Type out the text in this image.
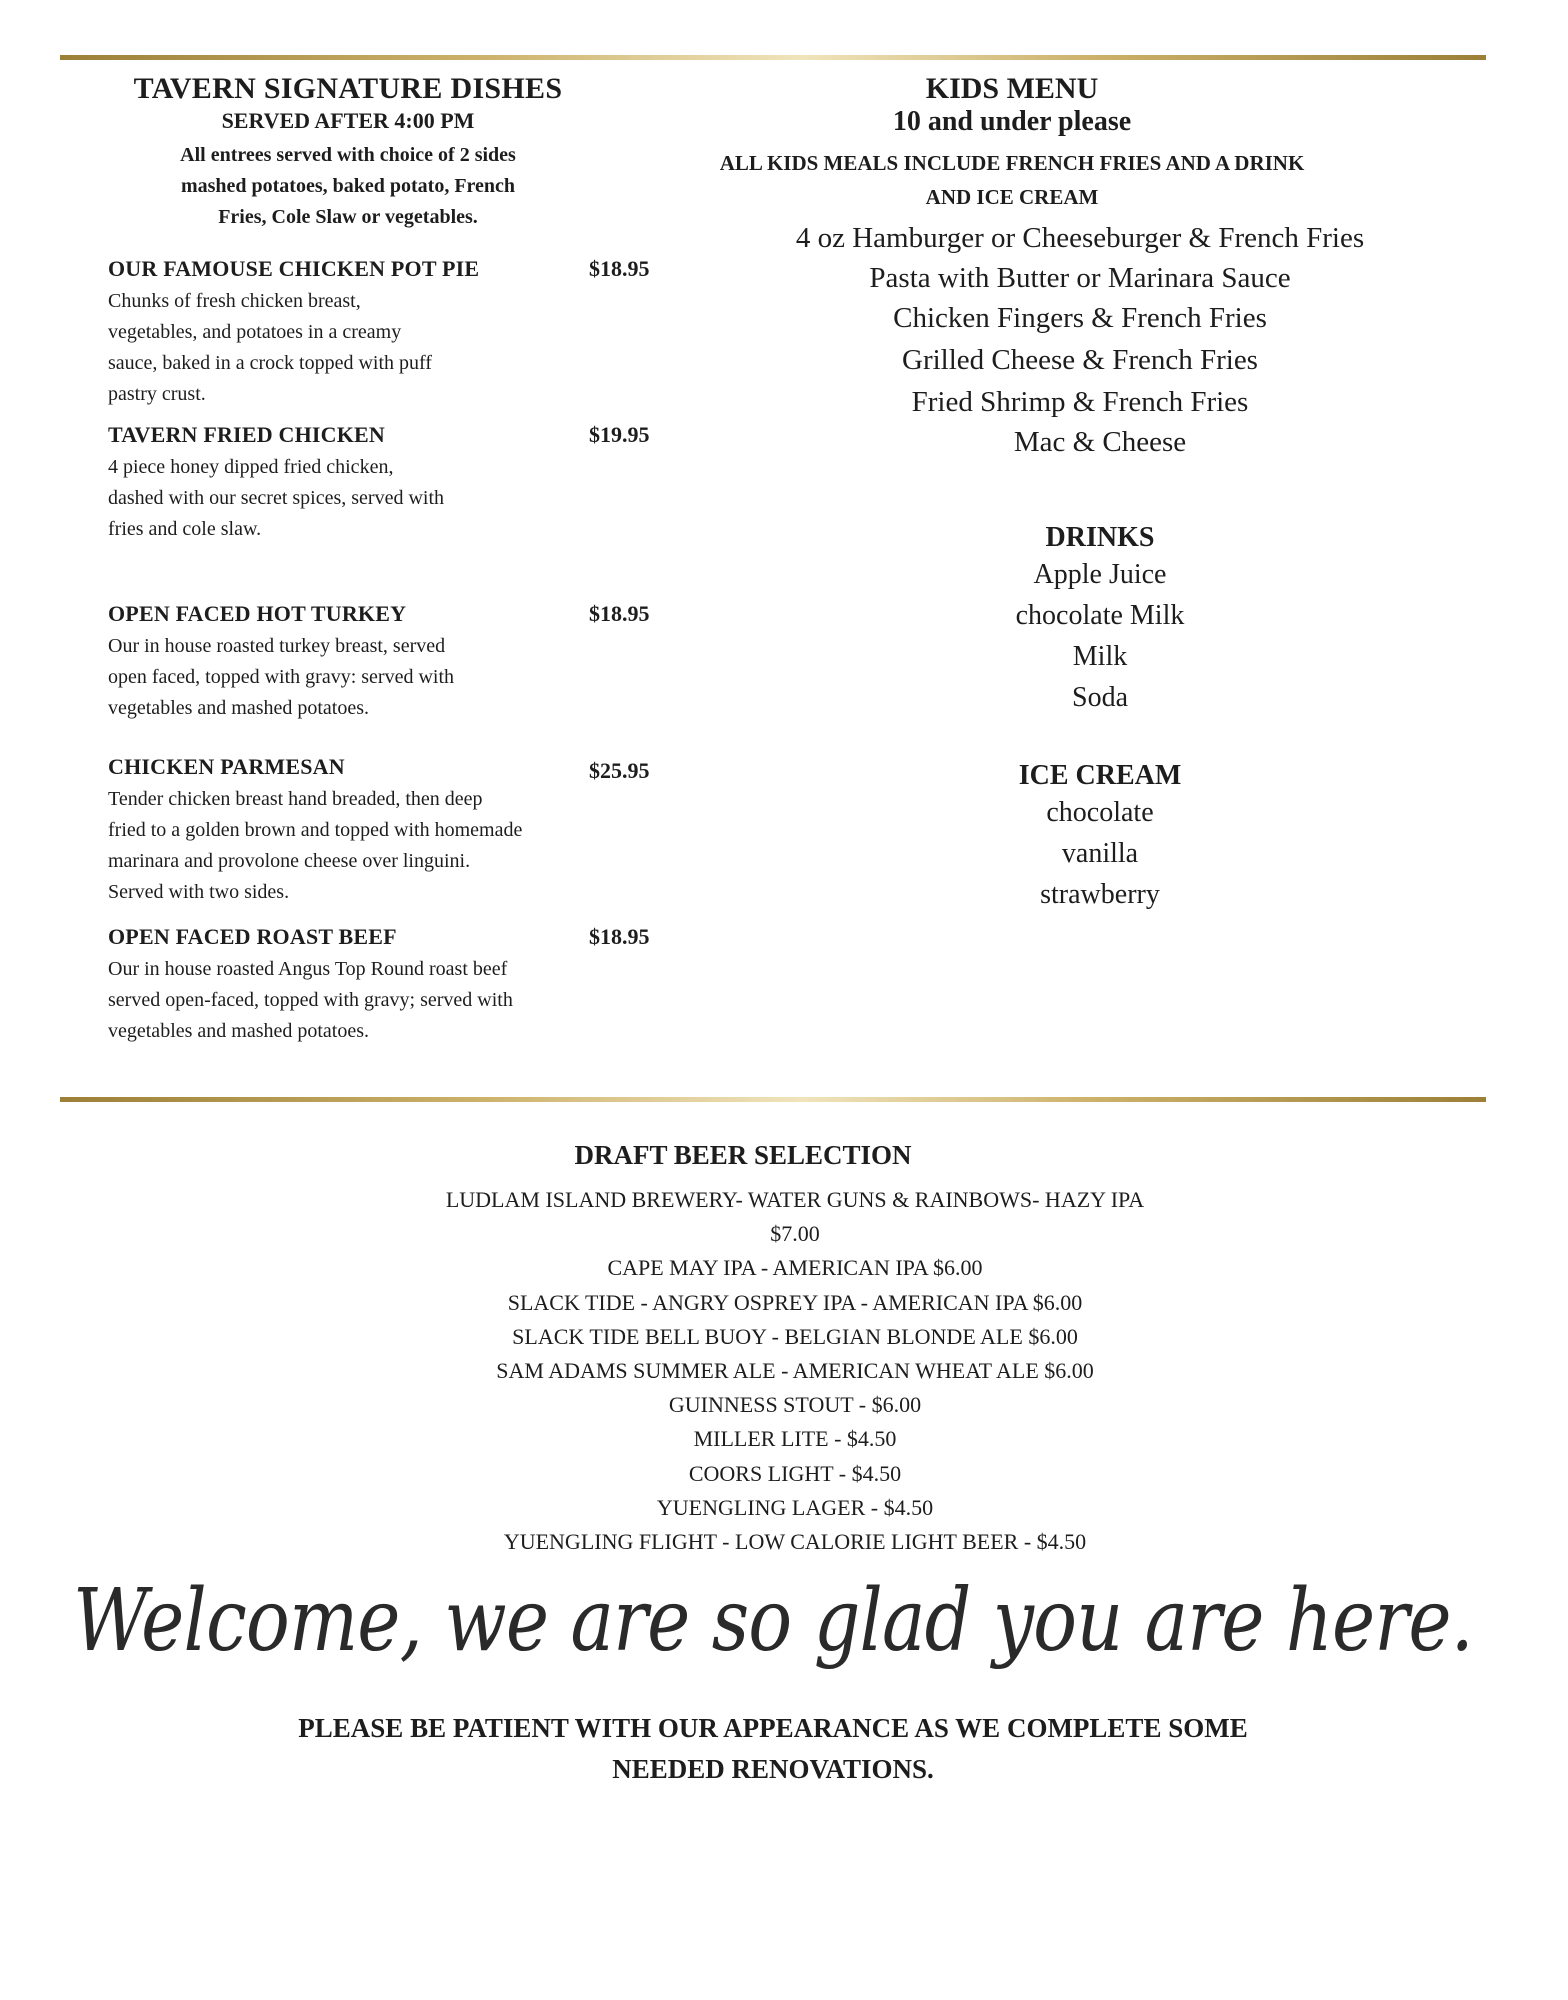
TAVERN SIGNATURE DISHES
SERVED AFTER 4:00 PM
All entrees served with choice of 2 sides
mashed potatoes, baked potato, French
Fries, Cole Slaw or vegetables.
OUR FAMOUSE CHICKEN POT PIE	$18.95
Chunks of fresh chicken breast,
vegetables, and potatoes in a creamy
sauce, baked in a crock topped with puff
pastry crust.
TAVERN FRIED CHICKEN	$19.95
4 piece honey dipped fried chicken,
dashed with our secret spices, served with
fries and cole slaw.
OPEN FACED HOT TURKEY	$18.95
Our in house roasted turkey breast, served
open faced, topped with gravy: served with
vegetables and mashed potatoes.
CHICKEN PARMESAN	$25.95
Tender chicken breast hand breaded, then deep
fried to a golden brown and topped with homemade
marinara and provolone cheese over linguini.
Served with two sides.
OPEN FACED ROAST BEEF	$18.95
Our in house roasted Angus Top Round roast beef
served open-faced, topped with gravy; served with
vegetables and mashed potatoes.
KIDS MENU
10 and under please
ALL KIDS MEALS INCLUDE FRENCH FRIES AND A DRINK
AND ICE CREAM
4 oz Hamburger or Cheeseburger & French Fries
Pasta with Butter or Marinara Sauce
Chicken Fingers & French Fries
Grilled Cheese & French Fries
Fried Shrimp & French Fries
Mac & Cheese
DRINKS
Apple Juice
chocolate Milk
Milk
Soda
ICE CREAM
chocolate
vanilla
strawberry
DRAFT BEER SELECTION
LUDLAM ISLAND BREWERY- WATER GUNS & RAINBOWS- HAZY IPA
$7.00
CAPE MAY IPA - AMERICAN IPA $6.00
SLACK TIDE - ANGRY OSPREY IPA - AMERICAN IPA $6.00
SLACK TIDE BELL BUOY - BELGIAN BLONDE ALE $6.00
SAM ADAMS SUMMER ALE - AMERICAN WHEAT ALE $6.00
GUINNESS STOUT - $6.00
MILLER LITE - $4.50
COORS LIGHT - $4.50
YUENGLING LAGER - $4.50
YUENGLING FLIGHT - LOW CALORIE LIGHT BEER - $4.50
Welcome, we are so glad you are here.
PLEASE BE PATIENT WITH OUR APPEARANCE AS WE COMPLETE SOME
NEEDED RENOVATIONS.
